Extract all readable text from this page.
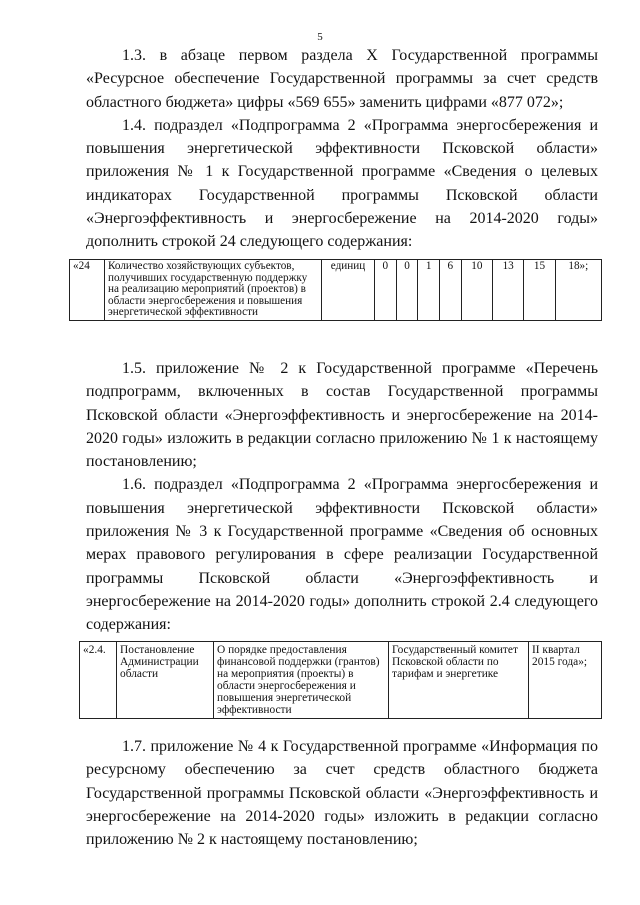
5

1.3. в абзаце первом раздела X Государственной программы «Ресурсное обеспечение Государственной программы за счет средств областного бюджета» цифры «569 655» заменить цифрами «877 072»;

1.4. подраздел «Подпрограмма 2 «Программа энергосбережения и повышения энергетической эффективности Псковской области» приложения № 1 к Государственной программе «Сведения о целевых индикаторах Государственной программы Псковской области «Энергоэффективность и энергосбережение на 2014-2020 годы» дополнить строкой 24 следующего содержания:

«24	Количество хозяйствующих субъектов, получивших государственную поддержку на реализацию мероприятий (проектов) в области энергосбережения и повышения энергетической эффективности	единиц	0	0	1	6	10	13	15	18»;

1.5. приложение № 2 к Государственной программе «Перечень подпрограмм, включенных в состав Государственной программы Псковской области «Энергоэффективность и энергосбережение на 2014-2020 годы» изложить в редакции согласно приложению № 1 к настоящему постановлению;

1.6. подраздел «Подпрограмма 2 «Программа энергосбережения и повышения энергетической эффективности Псковской области» приложения № 3 к Государственной программе «Сведения об основных мерах правового регулирования в сфере реализации Государственной программы Псковской области «Энергоэффективность и энергосбережение на 2014-2020 годы» дополнить строкой 2.4 следующего содержания:

«2.4.	Постановление Администрации области	О порядке предоставления финансовой поддержки (грантов) на мероприятия (проекты) в области энергосбережения и повышения энергетической эффективности	Государственный комитет Псковской области по тарифам и энергетике	II квартал 2015 года»;

1.7. приложение № 4 к Государственной программе «Информация по ресурсному обеспечению за счет средств областного бюджета Государственной программы Псковской области «Энергоэффективность и энергосбережение на 2014-2020 годы» изложить в редакции согласно приложению № 2 к настоящему постановлению;
